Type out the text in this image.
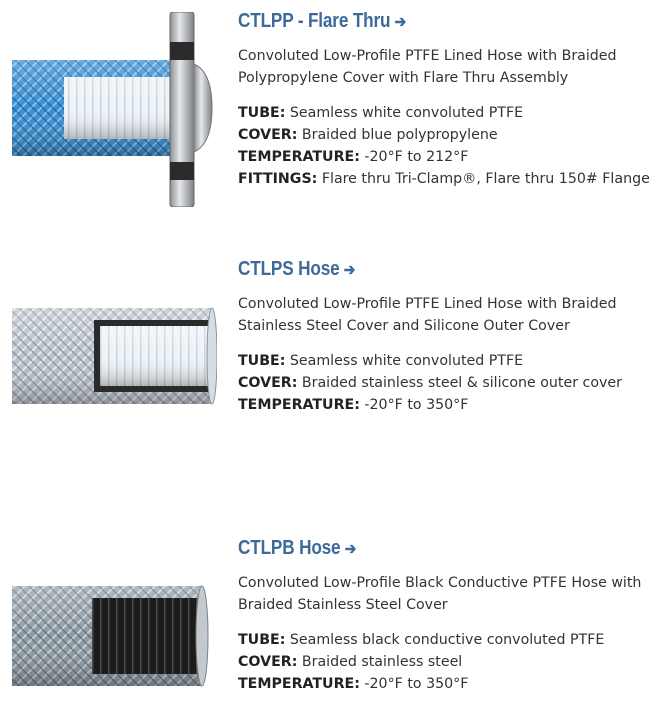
CTLPP - Flare Thru ➔

Convoluted Low-Profile PTFE Lined Hose with Braided Polypropylene Cover with Flare Thru Assembly

TUBE: Seamless white convoluted PTFE
COVER: Braided blue polypropylene
TEMPERATURE: -20°F to 212°F
FITTINGS: Flare thru Tri-Clamp®, Flare thru 150# Flange
CTLPS Hose ➔

Convoluted Low-Profile PTFE Lined Hose with Braided Stainless Steel Cover and Silicone Outer Cover

TUBE: Seamless white convoluted PTFE
COVER: Braided stainless steel & silicone outer cover
TEMPERATURE: -20°F to 350°F
CTLPB Hose ➔

Convoluted Low-Profile Black Conductive PTFE Hose with Braided Stainless Steel Cover

TUBE: Seamless black conductive convoluted PTFE
COVER: Braided stainless steel
TEMPERATURE: -20°F to 350°F
